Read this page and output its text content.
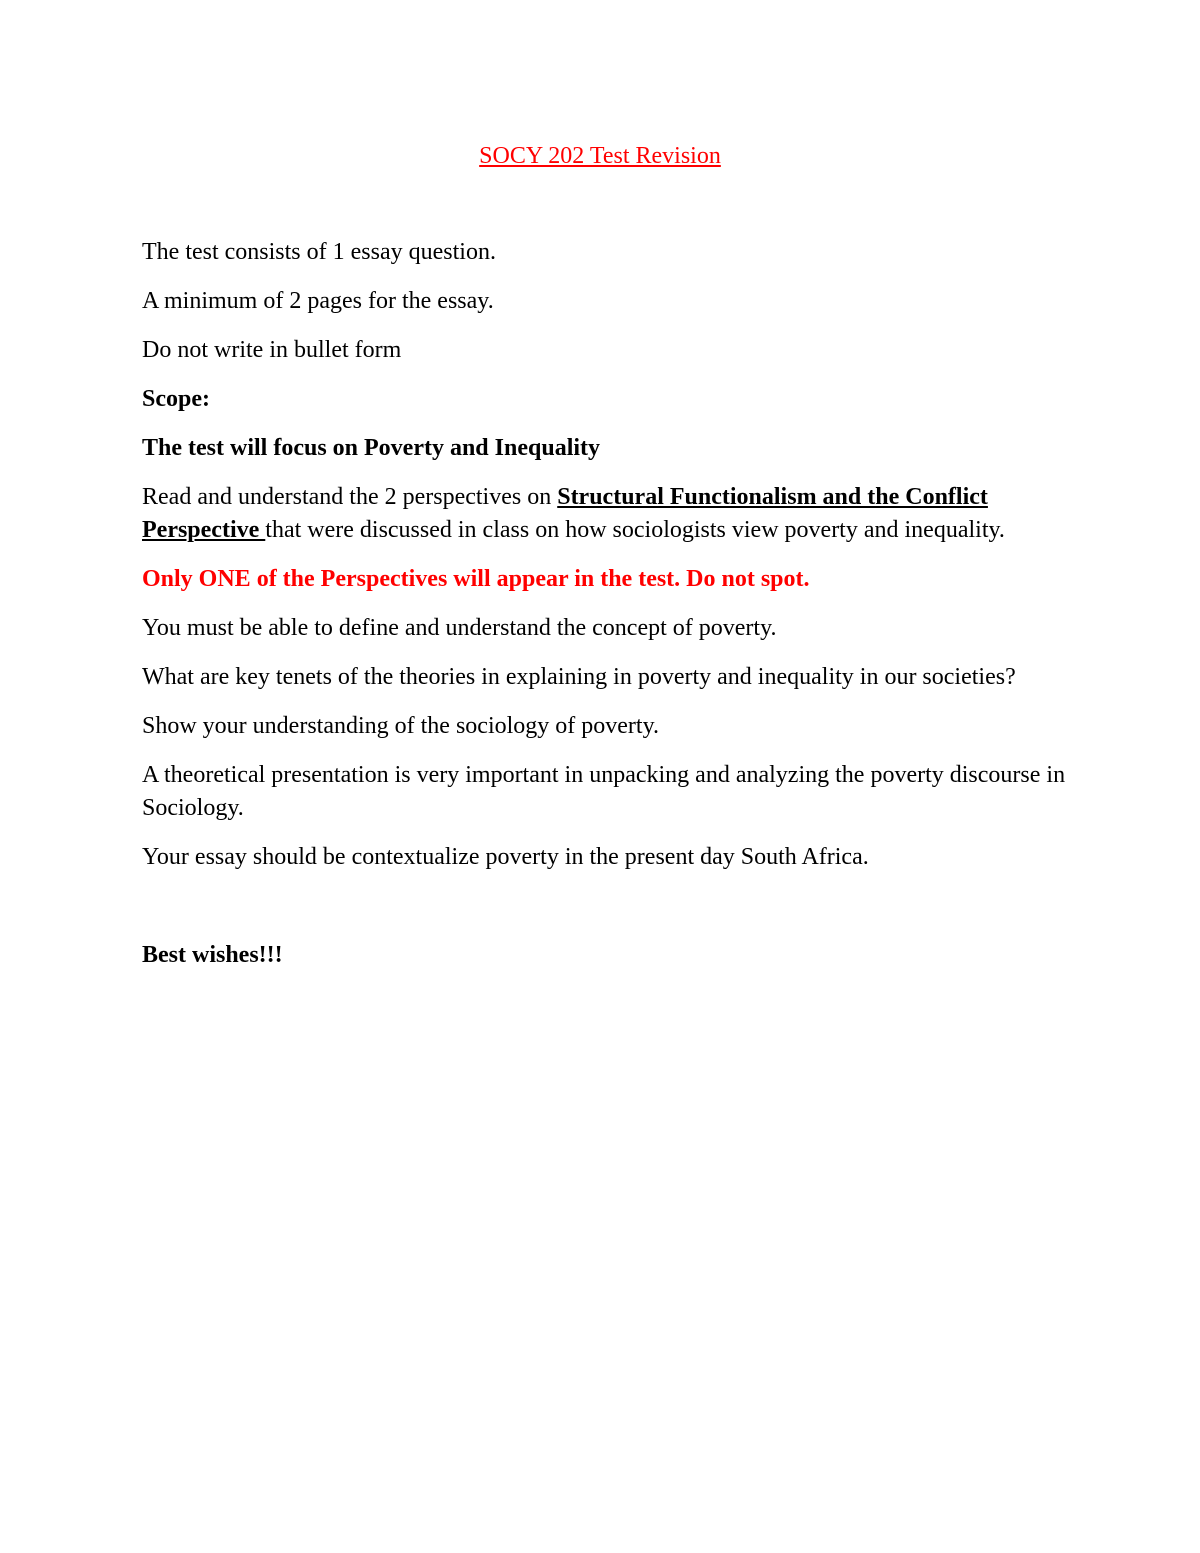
SOCY 202 Test Revision

The test consists of 1 essay question.

A minimum of 2 pages for the essay.

Do not write in bullet form

Scope:

The test will focus on Poverty and Inequality

Read and understand the 2 perspectives on Structural Functionalism and the Conflict Perspective that were discussed in class on how sociologists view poverty and inequality.

Only ONE of the Perspectives will appear in the test. Do not spot.

You must be able to define and understand the concept of poverty.

What are key tenets of the theories in explaining in poverty and inequality in our societies?

Show your understanding of the sociology of poverty.

A theoretical presentation is very important in unpacking and analyzing the poverty discourse in Sociology.

Your essay should be contextualize poverty in the present day South Africa.

Best wishes!!!
